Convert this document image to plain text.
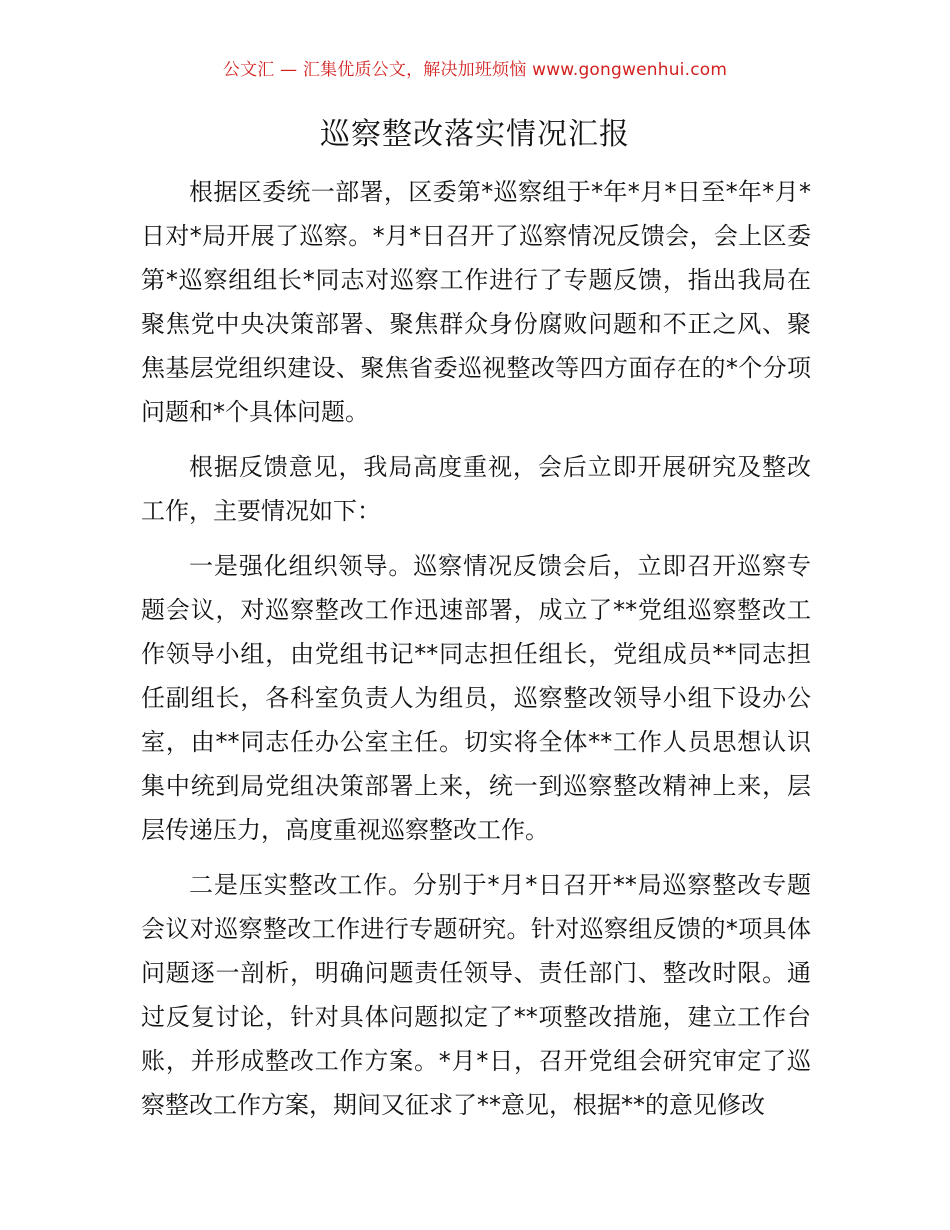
公文汇 — 汇集优质公文，解决加班烦恼 www.gongwenhui.com
巡察整改落实情况汇报

根据区委统一部署，区委第*巡察组于*年*月*日至*年*月*日对*局开展了巡察。*月*日召开了巡察情况反馈会，会上区委第*巡察组组长*同志对巡察工作进行了专题反馈，指出我局在聚焦党中央决策部署、聚焦群众身份腐败问题和不正之风、聚焦基层党组织建设、聚焦省委巡视整改等四方面存在的*个分项问题和*个具体问题。

根据反馈意见，我局高度重视，会后立即开展研究及整改工作，主要情况如下：

一是强化组织领导。巡察情况反馈会后，立即召开巡察专题会议，对巡察整改工作迅速部署，成立了**党组巡察整改工作领导小组，由党组书记**同志担任组长，党组成员**同志担任副组长，各科室负责人为组员，巡察整改领导小组下设办公室，由**同志任办公室主任。切实将全体**工作人员思想认识集中统到局党组决策部署上来，统一到巡察整改精神上来，层层传递压力，高度重视巡察整改工作。

二是压实整改工作。分别于*月*日召开**局巡察整改专题会议对巡察整改工作进行专题研究。针对巡察组反馈的*项具体问题逐一剖析，明确问题责任领导、责任部门、整改时限。通过反复讨论，针对具体问题拟定了**项整改措施，建立工作台账，并形成整改工作方案。*月*日，召开党组会研究审定了巡察整改工作方案，期间又征求了**意见，根据**的意见修改
